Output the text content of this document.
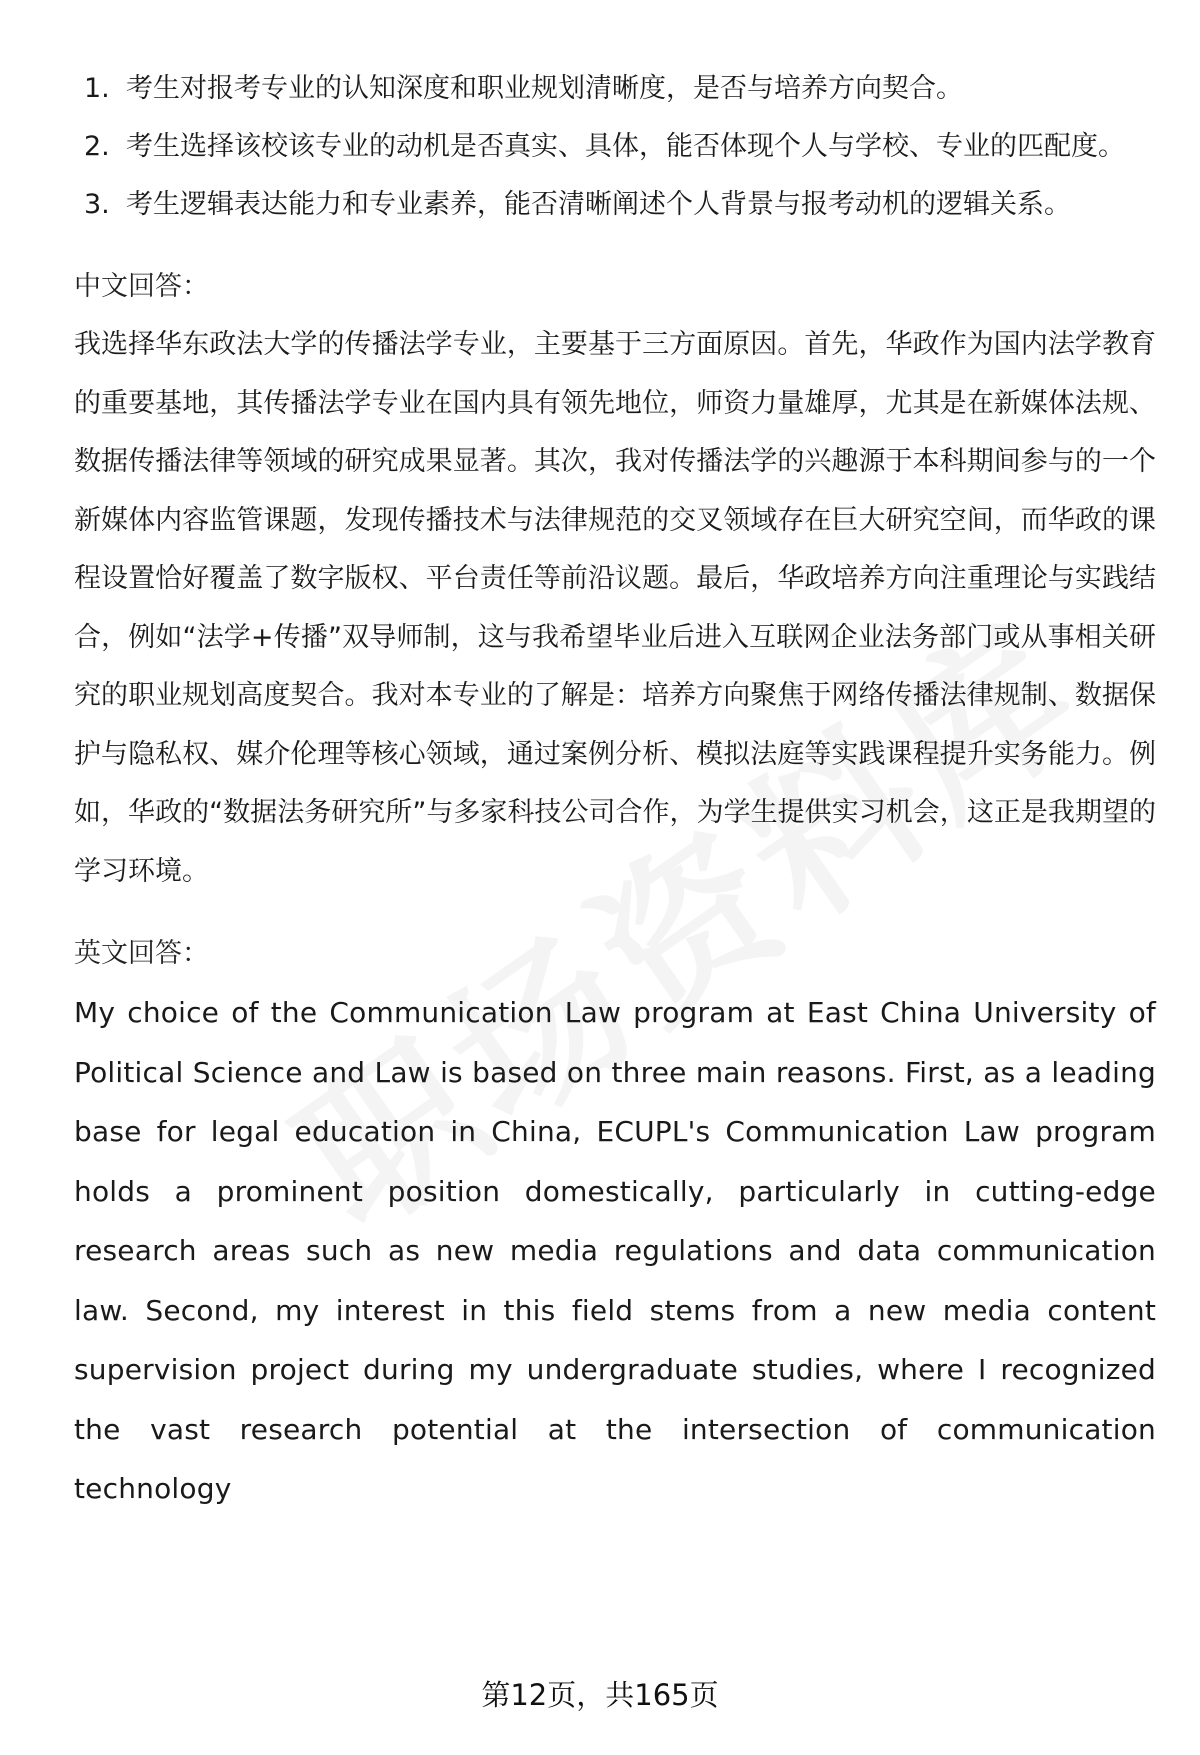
1. 考生对报考专业的认知深度和职业规划清晰度，是否与培养方向契合。
2. 考生选择该校该专业的动机是否真实、具体，能否体现个人与学校、专业的匹配度。
3. 考生逻辑表达能力和专业素养，能否清晰阐述个人背景与报考动机的逻辑关系。
中文回答：
我选择华东政法大学的传播法学专业，主要基于三方面原因。首先，华政作为国内法学教育的重要基地，其传播法学专业在国内具有领先地位，师资力量雄厚，尤其是在新媒体法规、数据传播法律等领域的研究成果显著。其次，我对传播法学的兴趣源于本科期间参与的一个新媒体内容监管课题，发现传播技术与法律规范的交叉领域存在巨大研究空间，而华政的课程设置恰好覆盖了数字版权、平台责任等前沿议题。最后，华政培养方向注重理论与实践结合，例如“法学+传播”双导师制，这与我希望毕业后进入互联网企业法务部门或从事相关研究的职业规划高度契合。我对本专业的了解是：培养方向聚焦于网络传播法律规制、数据保护与隐私权、媒介伦理等核心领域，通过案例分析、模拟法庭等实践课程提升实务能力。例如，华政的“数据法务研究所”与多家科技公司合作，为学生提供实习机会，这正是我期望的学习环境。
英文回答：
My choice of the Communication Law program at East China University of Political Science and Law is based on three main reasons. First, as a leading base for legal education in China, ECUPL's Communication Law program holds a prominent position domestically, particularly in cutting-edge research areas such as new media regulations and data communication law. Second, my interest in this field stems from a new media content supervision project during my undergraduate studies, where I recognized the vast research potential at the intersection of communication technology
第12页，共165页
